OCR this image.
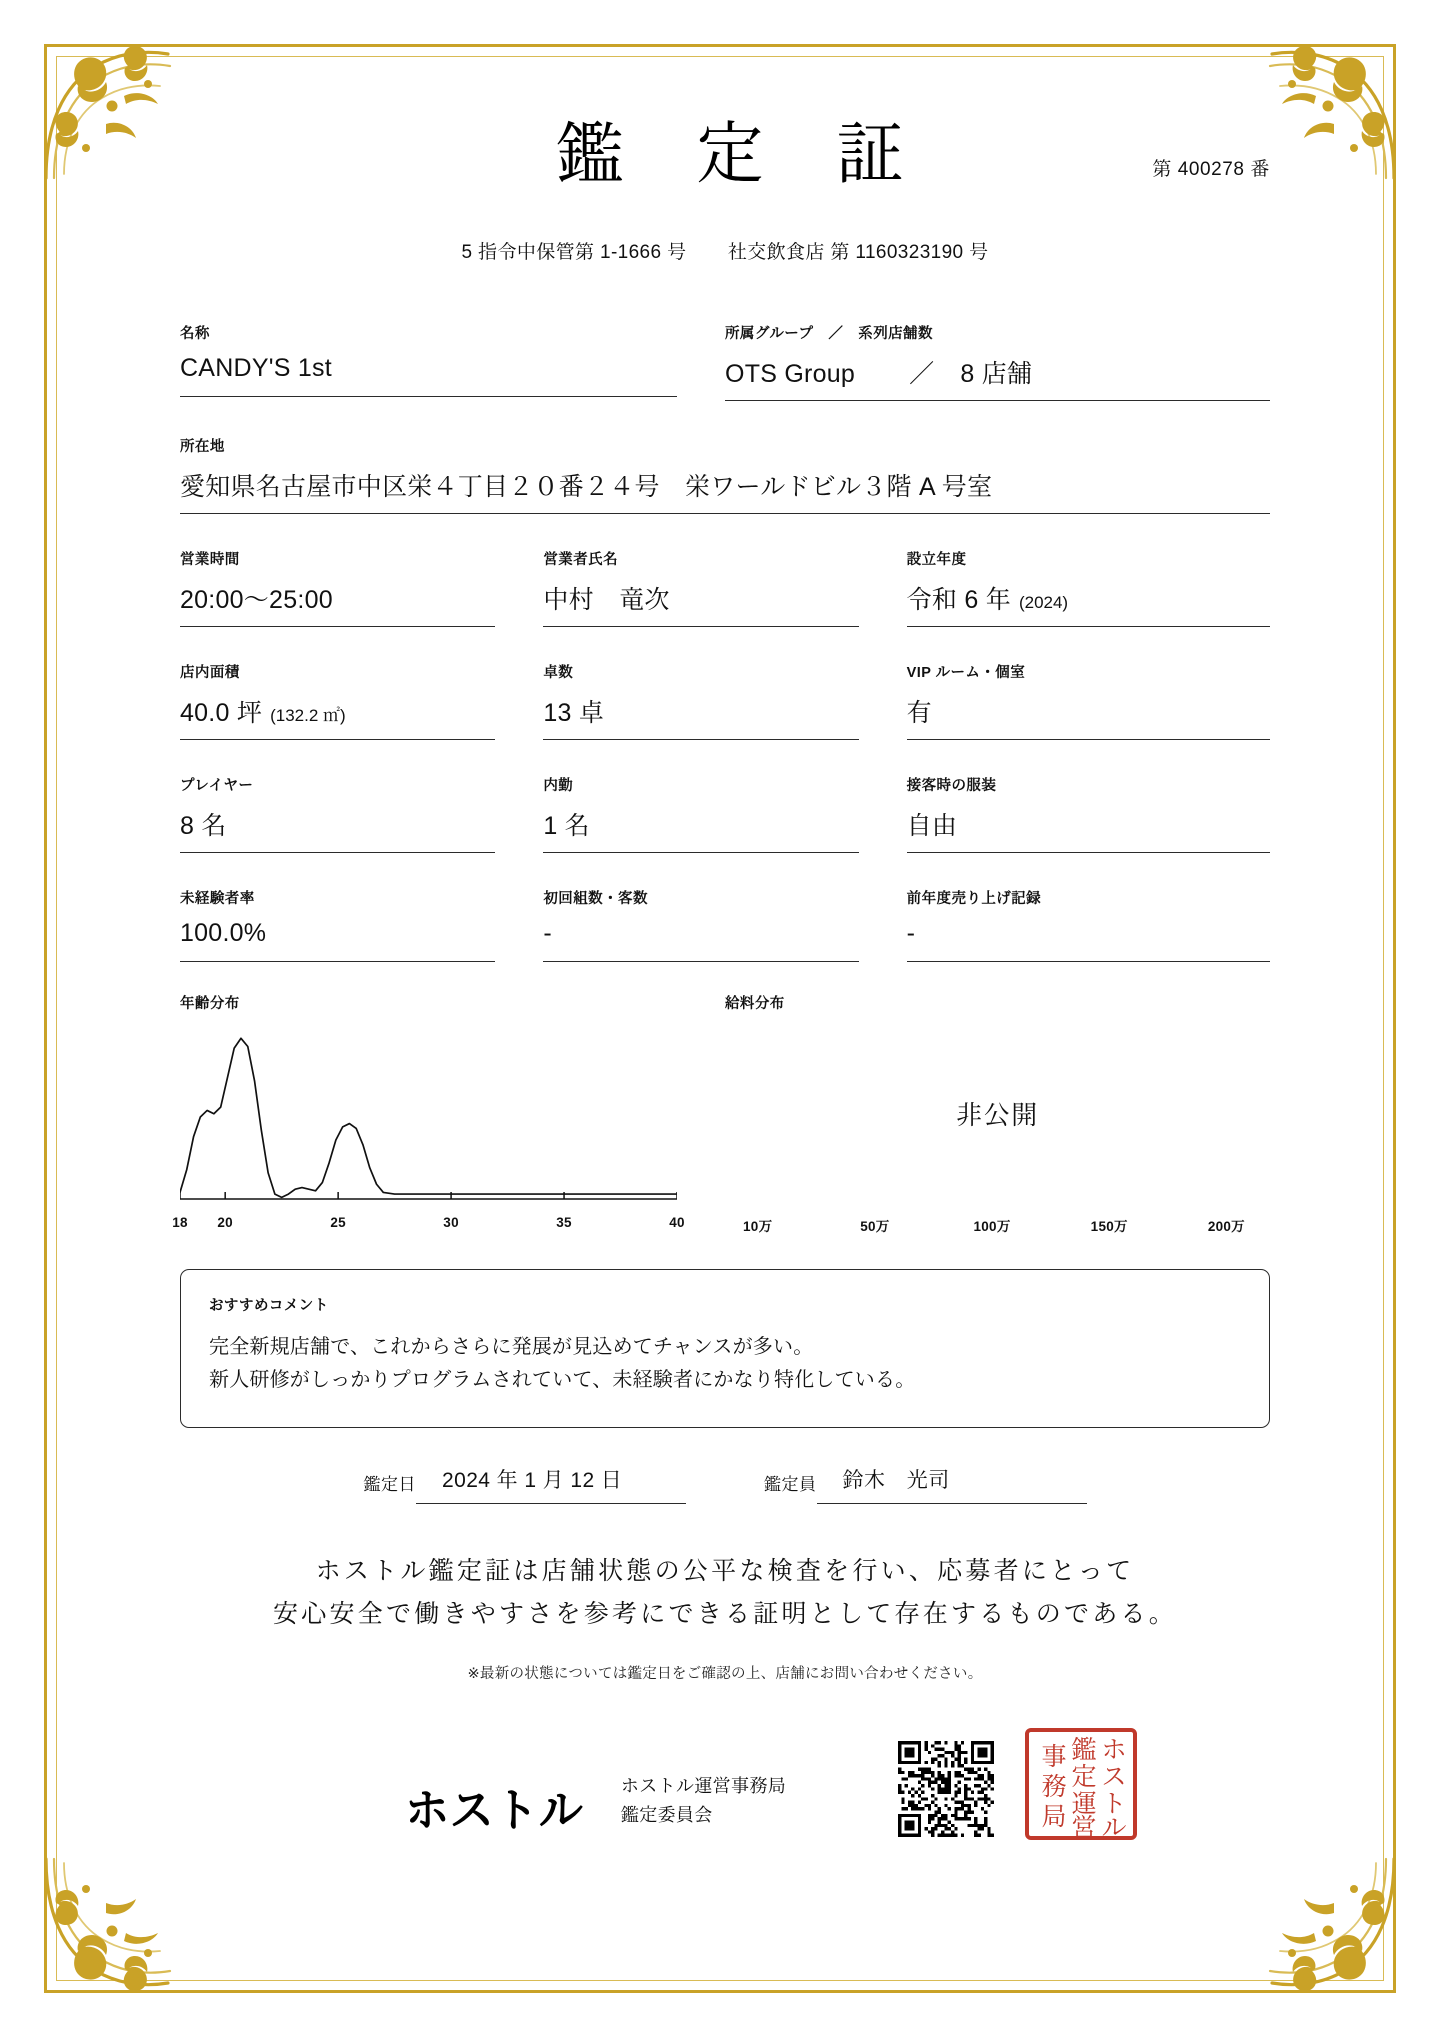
鑑 定 証	第 400278 番
5 指令中保管第 1-1666 号 社交飲食店 第 1160323190 号
名称
CANDY'S 1st
所属グループ　／　系列店舗数
OTS Group ／ 8 店舗
所在地
愛知県名古屋市中区栄４丁目２０番２４号　栄ワールドビル３階 A 号室
営業時間
20:00〜25:00
営業者氏名
中村　竜次
設立年度
令和 6 年 (2024)
店内面積
40.0 坪 (132.2 ㎡)
卓数
13 卓
VIP ルーム・個室
有
プレイヤー
8 名
内勤
1 名
接客時の服装
自由
未経験者率
100.0%
初回組数・客数
-
前年度売り上げ記録
-
年齢分布
18 20	25	30	35	40
給料分布
非公開
10万	50万	100万	150万	200万
おすすめコメント
完全新規店舗で、これからさらに発展が見込めてチャンスが多い。
新人研修がしっかりプログラムされていて、未経験者にかなり特化している。
鑑定日	2024 年 1 月 12 日	鑑定員	鈴木　光司
ホストル鑑定証は店舗状態の公平な検査を行い、応募者にとって
安心安全で働きやすさを参考にできる証明として存在するものである。
※最新の状態については鑑定日をご確認の上、店舗にお問い合わせください。
ホストル ホストル運営事務局
鑑定委員会
ホ
ス
ト
ル
鑑
定
運
営
事
務
局
